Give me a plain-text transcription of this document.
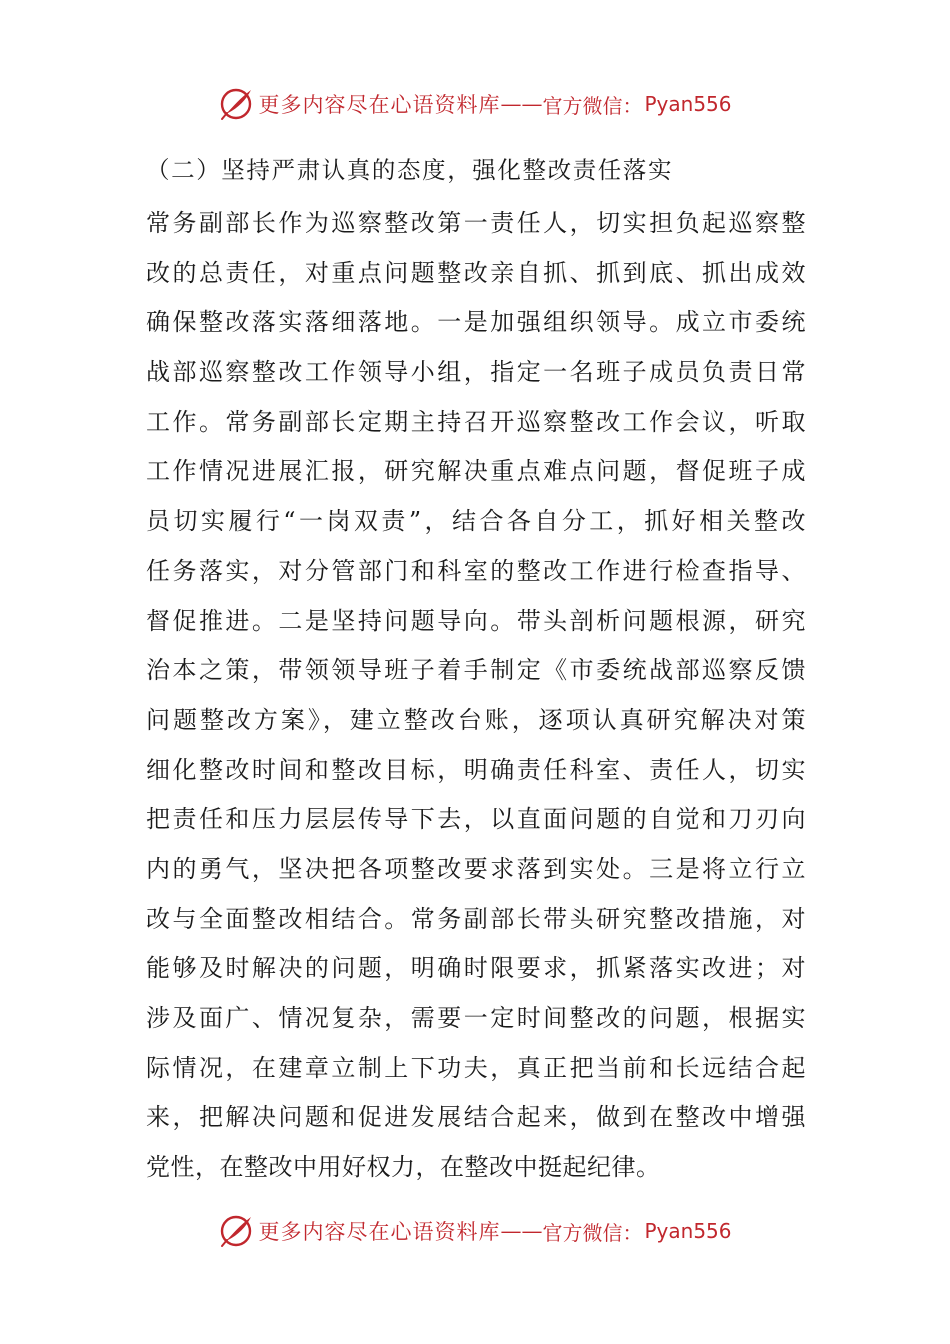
更多内容尽在心语资料库 —— 官方微信： Pyan556
（二）坚持严肃认真的态度，强化整改责任落实
常务副部长作为巡察整改第一责任人，切实担负起巡察整
改的总责任，对重点问题整改亲自抓、抓到底、抓出成效
确保整改落实落细落地。一是加强组织领导。成立市委统
战部巡察整改工作领导小组，指定一名班子成员负责日常
工作。常务副部长定期主持召开巡察整改工作会议，听取
工作情况进展汇报，研究解决重点难点问题，督促班子成
员切实履行“一岗双责”，结合各自分工，抓好相关整改
任务落实，对分管部门和科室的整改工作进行检查指导、
督促推进。二是坚持问题导向。带头剖析问题根源，研究
治本之策，带领领导班子着手制定《市委统战部巡察反馈
问题整改方案》，建立整改台账，逐项认真研究解决对策
细化整改时间和整改目标，明确责任科室、责任人，切实
把责任和压力层层传导下去，以直面问题的自觉和刀刃向
内的勇气，坚决把各项整改要求落到实处。三是将立行立
改与全面整改相结合。常务副部长带头研究整改措施，对
能够及时解决的问题，明确时限要求，抓紧落实改进；对
涉及面广、情况复杂，需要一定时间整改的问题，根据实
际情况，在建章立制上下功夫，真正把当前和长远结合起
来，把解决问题和促进发展结合起来，做到在整改中增强
党性，在整改中用好权力，在整改中挺起纪律。
更多内容尽在心语资料库 —— 官方微信： Pyan556
